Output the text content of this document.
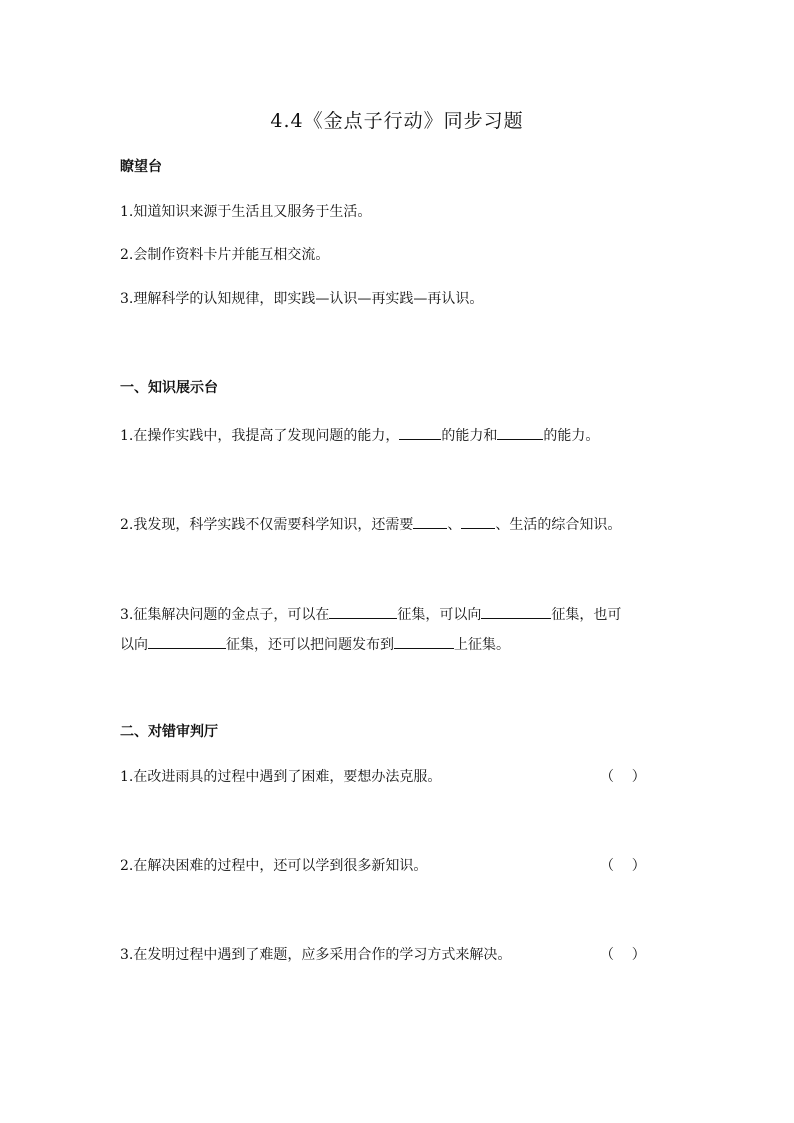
4.4《金点子行动》同步习题
瞭望台
1.知道知识来源于生活且又服务于生活。
2.会制作资料卡片并能互相交流。
3.理解科学的认知规律，即实践—认识—再实践—再认识。
一、知识展示台
1.在操作实践中，我提高了发现问题的能力，	的能力和	的能力。
2.我发现，科学实践不仅需要科学知识，还需要 、 、生活的综合知识。
3.征集解决问题的金点子，可以在	征集，可以向	征集，也可
以向	征集，还可以把问题发布到	上征集。
二、对错审判厅
1.在改进雨具的过程中遇到了困难，要想办法克服。	（    ）
2.在解决困难的过程中，还可以学到很多新知识。	（    ）
3.在发明过程中遇到了难题，应多采用合作的学习方式来解决。	（    ）
